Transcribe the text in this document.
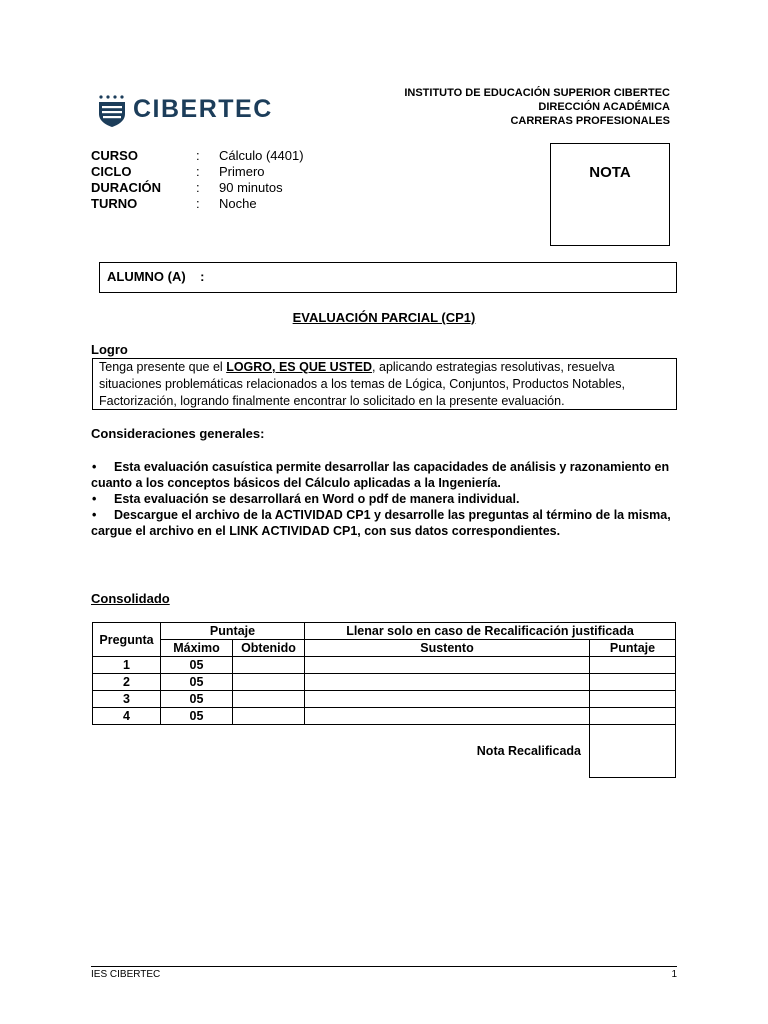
CIBERTEC
INSTITUTO DE EDUCACIÓN SUPERIOR CIBERTEC
DIRECCIÓN ACADÉMICA
CARRERAS PROFESIONALES
CURSO	: Cálculo (4401)
CICLO	: Primero
DURACIÓN	: 90 minutos
TURNO	: Noche
NOTA
ALUMNO (A)    :
EVALUACIÓN PARCIAL (CP1)
Logro
Tenga presente que el LOGRO, ES QUE USTED, aplicando estrategias resolutivas, resuelva situaciones problemáticas relacionados a los temas de Lógica, Conjuntos, Productos Notables, Factorización, logrando finalmente encontrar lo solicitado en la presente evaluación.
Consideraciones generales:

• Esta evaluación casuística permite desarrollar las capacidades de análisis y razonamiento en cuanto a los conceptos básicos del Cálculo aplicadas a la Ingeniería.

• Esta evaluación se desarrollará en Word o pdf de manera individual.

• Descargue el archivo de la ACTIVIDAD CP1 y desarrolle las preguntas al término de la misma, cargue el archivo en el LINK ACTIVIDAD CP1, con sus datos correspondientes.

Consolidado
Pregunta	Puntaje		Llenar solo en caso de Recalificación justificada	
	Máximo	Obtenido	Sustento	Puntaje
1	05			
2	05			
3	05			
4	05			
Nota Recalificada				
IES CIBERTEC	1
